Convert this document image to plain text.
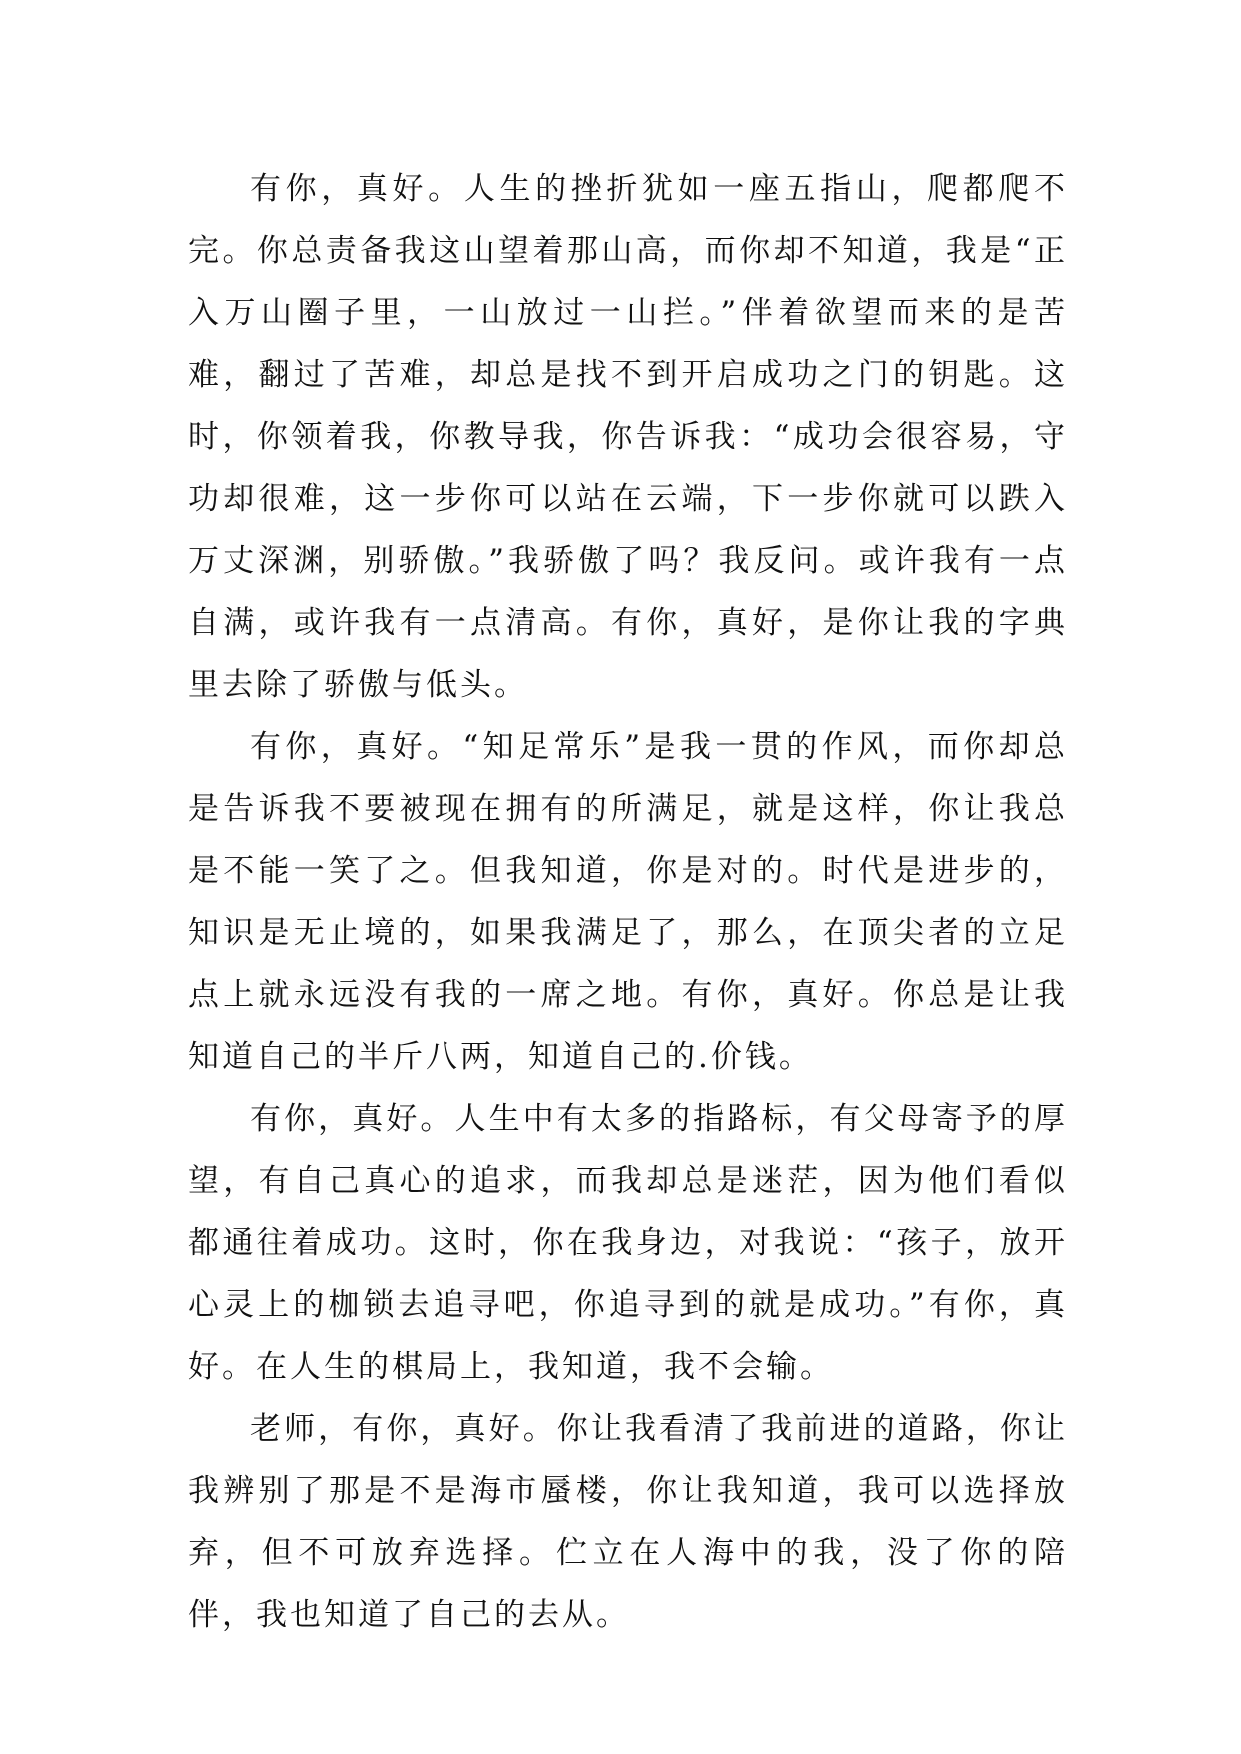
有你，真好。人生的挫折犹如一座五指山，爬都爬不完。你总责备我这山望着那山高，而你却不知道，我是“正入万山圈子里，一山放过一山拦。”伴着欲望而来的是苦难，翻过了苦难，却总是找不到开启成功之门的钥匙。这时，你领着我，你教导我，你告诉我：“成功会很容易，守功却很难，这一步你可以站在云端，下一步你就可以跌入万丈深渊，别骄傲。”我骄傲了吗？我反问。或许我有一点自满，或许我有一点清高。有你，真好，是你让我的字典里去除了骄傲与低头。

有你，真好。“知足常乐”是我一贯的作风，而你却总是告诉我不要被现在拥有的所满足，就是这样，你让我总是不能一笑了之。但我知道，你是对的。时代是进步的，知识是无止境的，如果我满足了，那么，在顶尖者的立足点上就永远没有我的一席之地。有你，真好。你总是让我知道自己的半斤八两，知道自己的.价钱。

有你，真好。人生中有太多的指路标，有父母寄予的厚望，有自己真心的追求，而我却总是迷茫，因为他们看似都通往着成功。这时，你在我身边，对我说：“孩子，放开心灵上的枷锁去追寻吧，你追寻到的就是成功。”有你，真好。在人生的棋局上，我知道，我不会输。

老师，有你，真好。你让我看清了我前进的道路，你让我辨别了那是不是海市蜃楼，你让我知道，我可以选择放弃，但不可放弃选择。伫立在人海中的我，没了你的陪伴，我也知道了自己的去从。
